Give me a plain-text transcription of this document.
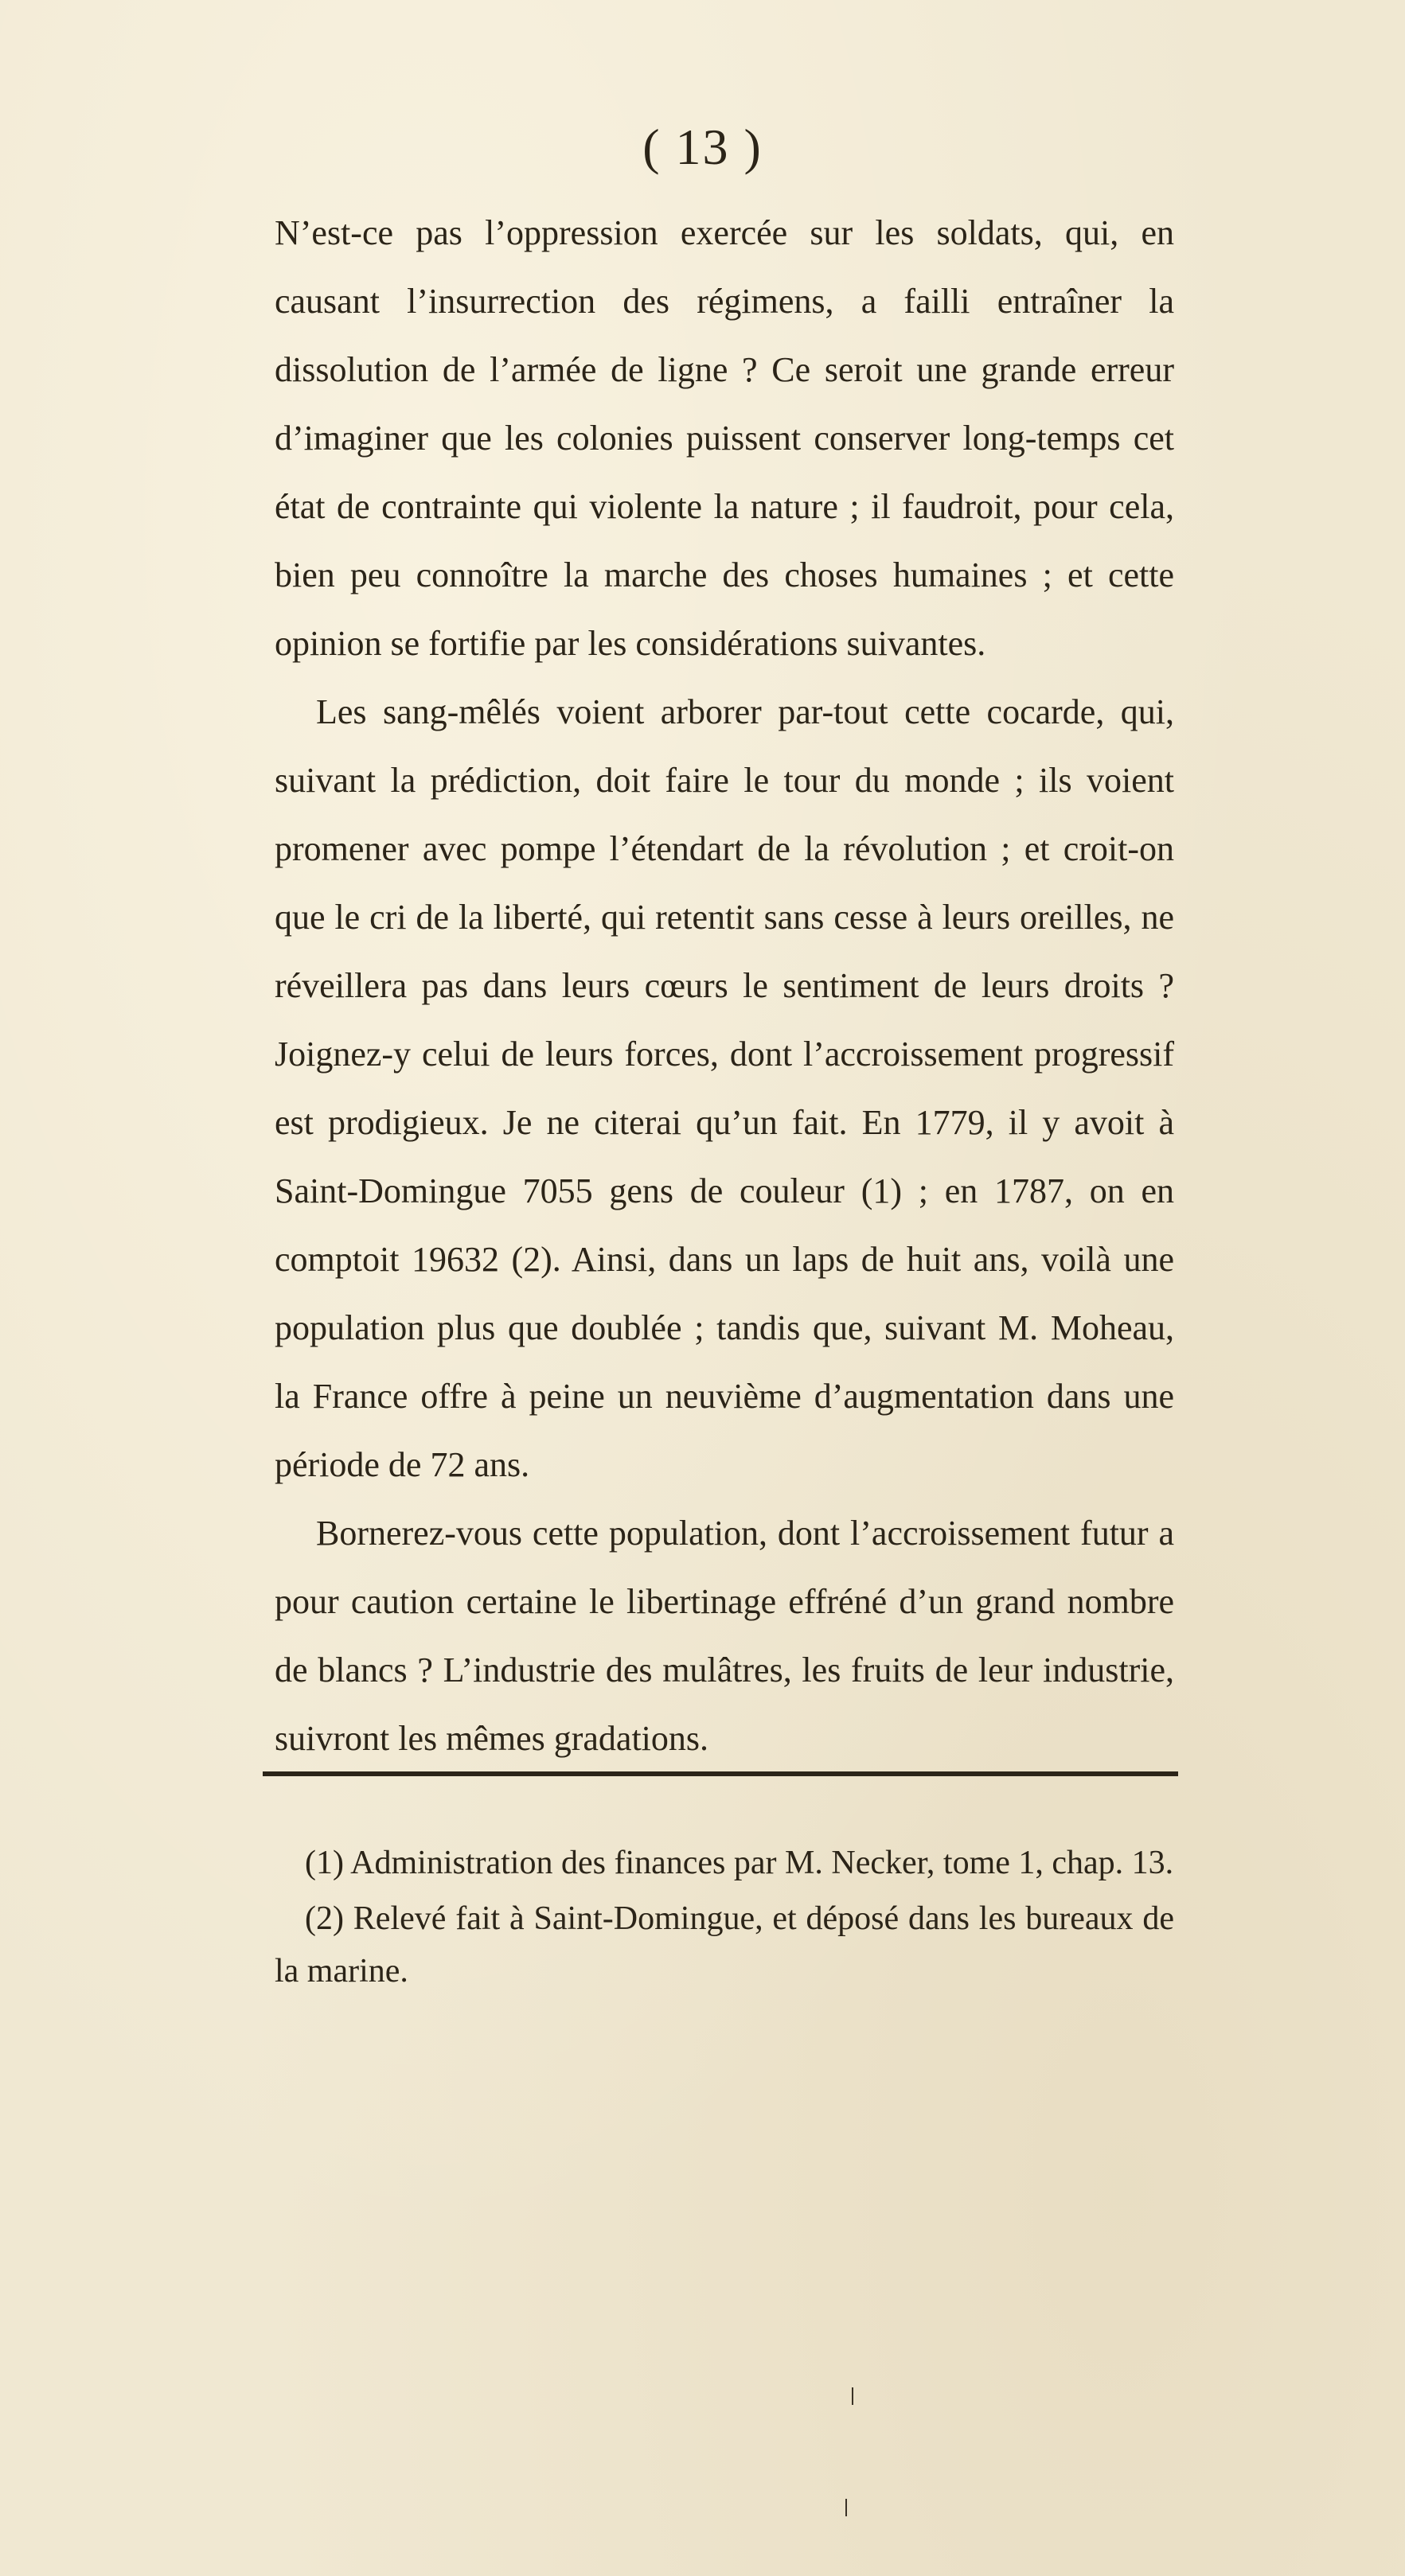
( 13 )

N’est-ce pas l’oppression exercée sur les soldats, qui, en causant l’insurrection des régimens, a failli entraîner la dissolution de l’armée de ligne ? Ce seroit une grande erreur d’imaginer que les colonies puissent conserver long-temps cet état de contrainte qui violente la nature ; il faudroit, pour cela, bien peu connoître la marche des choses humaines ; et cette opinion se fortifie par les considérations suivantes.

Les sang-mêlés voient arborer par-tout cette cocarde, qui, suivant la prédiction, doit faire le tour du monde ; ils voient promener avec pompe l’étendart de la révolution ; et croit-on que le cri de la liberté, qui retentit sans cesse à leurs oreilles, ne réveillera pas dans leurs cœurs le sentiment de leurs droits ? Joignez-y celui de leurs forces, dont l’accroissement progressif est prodigieux. Je ne citerai qu’un fait. En 1779, il y avoit à Saint-Domingue 7055 gens de couleur (1) ; en 1787, on en comptoit 19632 (2). Ainsi, dans un laps de huit ans, voilà une population plus que doublée ; tandis que, suivant M. Moheau, la France offre à peine un neuvième d’augmentation dans une période de 72 ans.

Bornerez-vous cette population, dont l’accroissement futur a pour caution certaine le libertinage effréné d’un grand nombre de blancs ? L’industrie des mulâtres, les fruits de leur industrie, suivront les mêmes gradations.

(1) Administration des finances par M. Necker, tome 1, chap. 13.

(2) Relevé fait à Saint-Domingue, et déposé dans les bureaux de la marine.
